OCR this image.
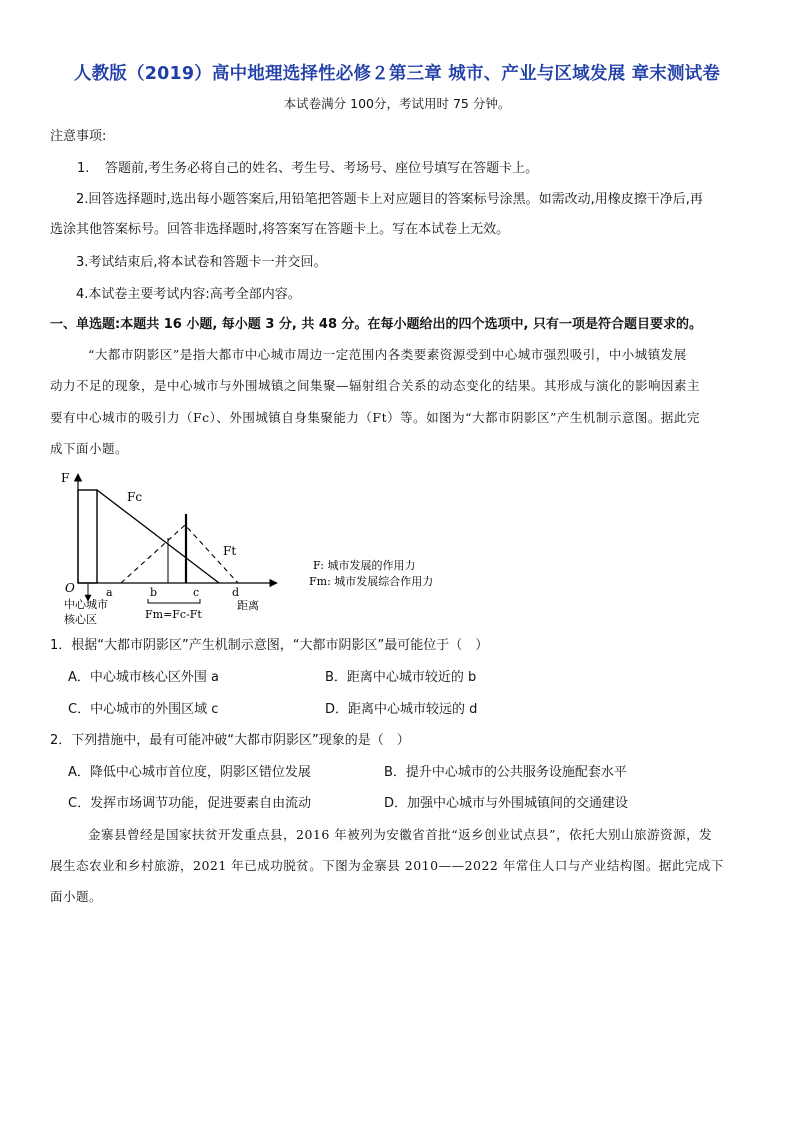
人教版（2019）高中地理选择性必修２第三章 城市、产业与区域发展 章末测试卷
本试卷满分 100分，考试用时 75 分钟。
注意事项:
1. 答题前,考生务必将自己的姓名、考生号、考场号、座位号填写在答题卡上。
2.回答选择题时,选出每小题答案后,用铅笔把答题卡上对应题目的答案标号涂黑。如需改动,用橡皮擦干净后,再
选涂其他答案标号。回答非选择题时,将答案写在答题卡上。写在本试卷上无效。
3.考试结束后,将本试卷和答题卡一并交回。
4.本试卷主要考试内容:高考全部内容。
一、单选题:本题共 16 小题, 每小题 3 分, 共 48 分。在每小题给出的四个选项中, 只有一项是符合题目要求的。
“大都市阴影区”是指大都市中心城市周边一定范围内各类要素资源受到中心城市强烈吸引，中小城镇发展
动力不足的现象，是中心城市与外围城镇之间集聚—辐射组合关系的动态变化的结果。其形成与演化的影响因素主
要有中心城市的吸引力（Fc）、外围城镇自身集聚能力（Ft）等。如图为“大都市阴影区”产生机制示意图。据此完
成下面小题。
F
O
Fc
Ft
a	b	c	d
中心城市
核心区	Fm=Fc-Ft
距离
F: 城市发展的作用力
Fm: 城市发展综合作用力
1．根据“大都市阴影区”产生机制示意图，“大都市阴影区”最可能位于（　）
A．中心城市核心区外围 a	B．距离中心城市较近的 b
C．中心城市的外围区域 c	D．距离中心城市较远的 d
2．下列措施中，最有可能冲破“大都市阴影区”现象的是（　）
A．降低中心城市首位度，阴影区错位发展	B．提升中心城市的公共服务设施配套水平
C．发挥市场调节功能，促进要素自由流动	D．加强中心城市与外围城镇间的交通建设
金寨县曾经是国家扶贫开发重点县，2016 年被列为安徽省首批“返乡创业试点县”，依托大别山旅游资源，发
展生态农业和乡村旅游，2021 年已成功脱贫。下图为金寨县 2010——2022 年常住人口与产业结构图。据此完成下
面小题。
